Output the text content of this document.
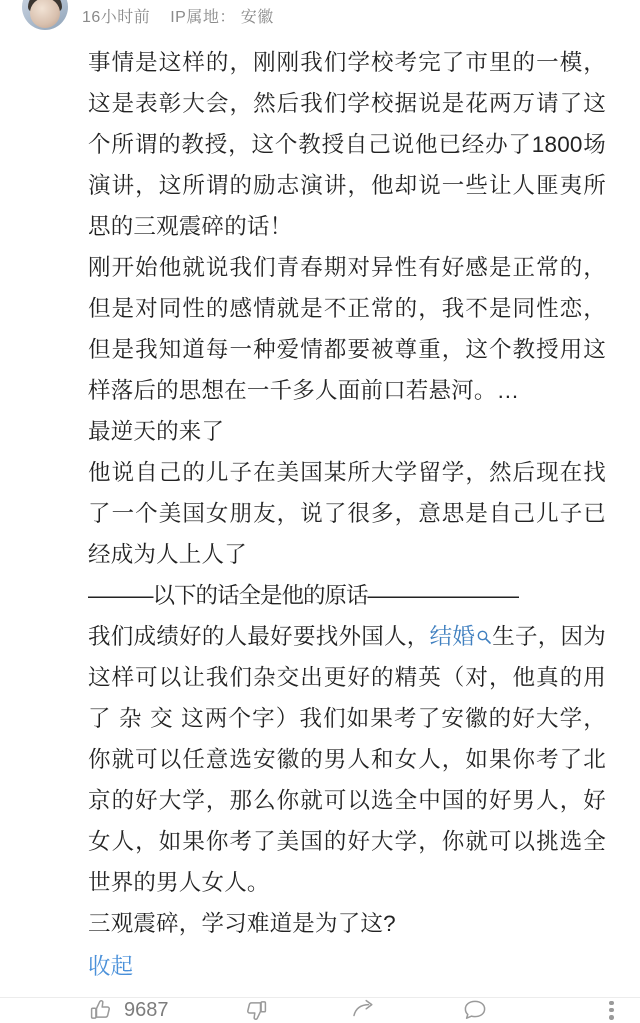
16小时前 IP属地： 安徽

事情是这样的，刚刚我们学校考完了市里的一模，这是表彰大会，然后我们学校据说是花两万请了这个所谓的教授，这个教授自己说他已经办了1800场演讲，这所谓的励志演讲，他却说一些让人匪夷所思的三观震碎的话！

刚开始他就说我们青春期对异性有好感是正常的，但是对同性的感情就是不正常的，我不是同性恋，但是我知道每一种爱情都要被尊重，这个教授用这样落后的思想在一千多人面前口若悬河。…

最逆天的来了

他说自己的儿子在美国某所大学留学，然后现在找了一个美国女朋友，说了很多，意思是自己儿子已经成为人上人了

———以下的话全是他的原话———————

我们成绩好的人最好要找外国人，结婚 生子，因为这样可以让我们杂交出更好的精英（对，他真的用了 杂 交 这两个字）我们如果考了安徽的好大学，你就可以任意选安徽的男人和女人，如果你考了北京的好大学，那么你就可以选全中国的好男人，好女人，如果你考了美国的好大学，你就可以挑选全世界的男人女人。

三观震碎，学习难道是为了这?

收起
9687
